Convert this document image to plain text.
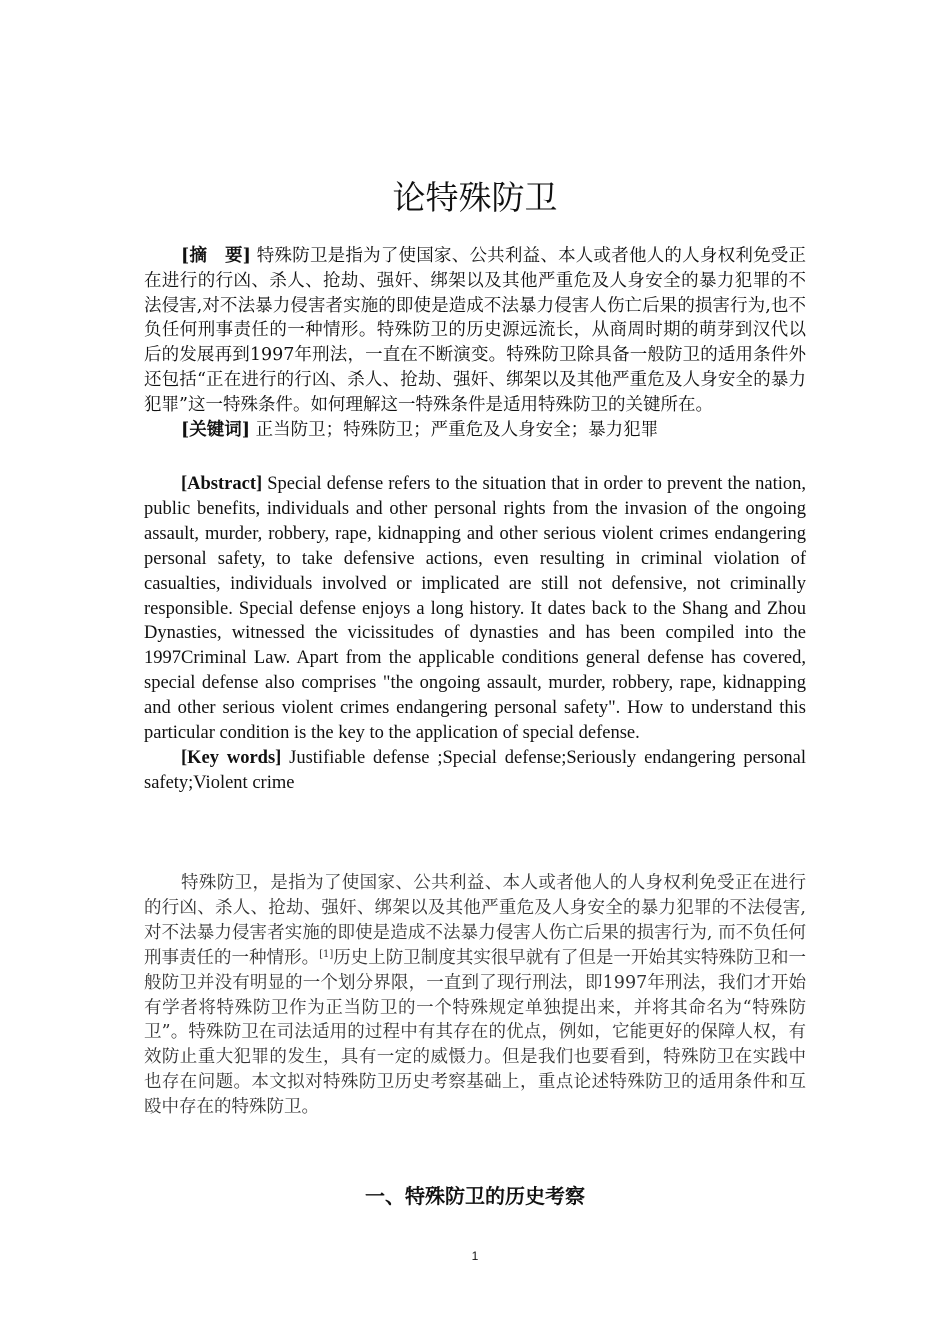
论特殊防卫

[摘　要] 特殊防卫是指为了使国家、公共利益、本人或者他人的人身权利免受正在进行的行凶、杀人、抢劫、强奸、绑架以及其他严重危及人身安全的暴力犯罪的不法侵害,对不法暴力侵害者实施的即使是造成不法暴力侵害人伤亡后果的损害行为,也不负任何刑事责任的一种情形。特殊防卫的历史源远流长，从商周时期的萌芽到汉代以后的发展再到1997年刑法，一直在不断演变。特殊防卫除具备一般防卫的适用条件外还包括“正在进行的行凶、杀人、抢劫、强奸、绑架以及其他严重危及人身安全的暴力犯罪”这一特殊条件。如何理解这一特殊条件是适用特殊防卫的关键所在。

[关键词] 正当防卫；特殊防卫；严重危及人身安全；暴力犯罪

[Abstract] Special defense refers to the situation that in order to prevent the nation, public benefits, individuals and other personal rights from the invasion of the ongoing assault, murder, robbery, rape, kidnapping and other serious violent crimes endangering personal safety, to take defensive actions, even resulting in criminal violation of casualties, individuals involved or implicated are still not defensive, not criminally responsible. Special defense enjoys a long history. It dates back to the Shang and Zhou Dynasties, witnessed the vicissitudes of dynasties and has been compiled into the 1997Criminal Law. Apart from the applicable conditions general defense has covered, special defense also comprises "the ongoing assault, murder, robbery, rape, kidnapping and other serious violent crimes endangering personal safety". How to understand this particular condition is the key to the application of special defense.

[Key words] Justifiable defense ;Special defense;Seriously endangering personal safety;Violent crime

特殊防卫，是指为了使国家、公共利益、本人或者他人的人身权利免受正在进行的行凶、杀人、抢劫、强奸、绑架以及其他严重危及人身安全的暴力犯罪的不法侵害, 对不法暴力侵害者实施的即使是造成不法暴力侵害人伤亡后果的损害行为, 而不负任何刑事责任的一种情形。[1]历史上防卫制度其实很早就有了但是一开始其实特殊防卫和一般防卫并没有明显的一个划分界限，一直到了现行刑法，即1997年刑法，我们才开始有学者将特殊防卫作为正当防卫的一个特殊规定单独提出来，并将其命名为“特殊防卫”。特殊防卫在司法适用的过程中有其存在的优点，例如，它能更好的保障人权，有效防止重大犯罪的发生，具有一定的威慑力。但是我们也要看到，特殊防卫在实践中也存在问题。本文拟对特殊防卫历史考察基础上，重点论述特殊防卫的适用条件和互殴中存在的特殊防卫。

一、特殊防卫的历史考察
1
